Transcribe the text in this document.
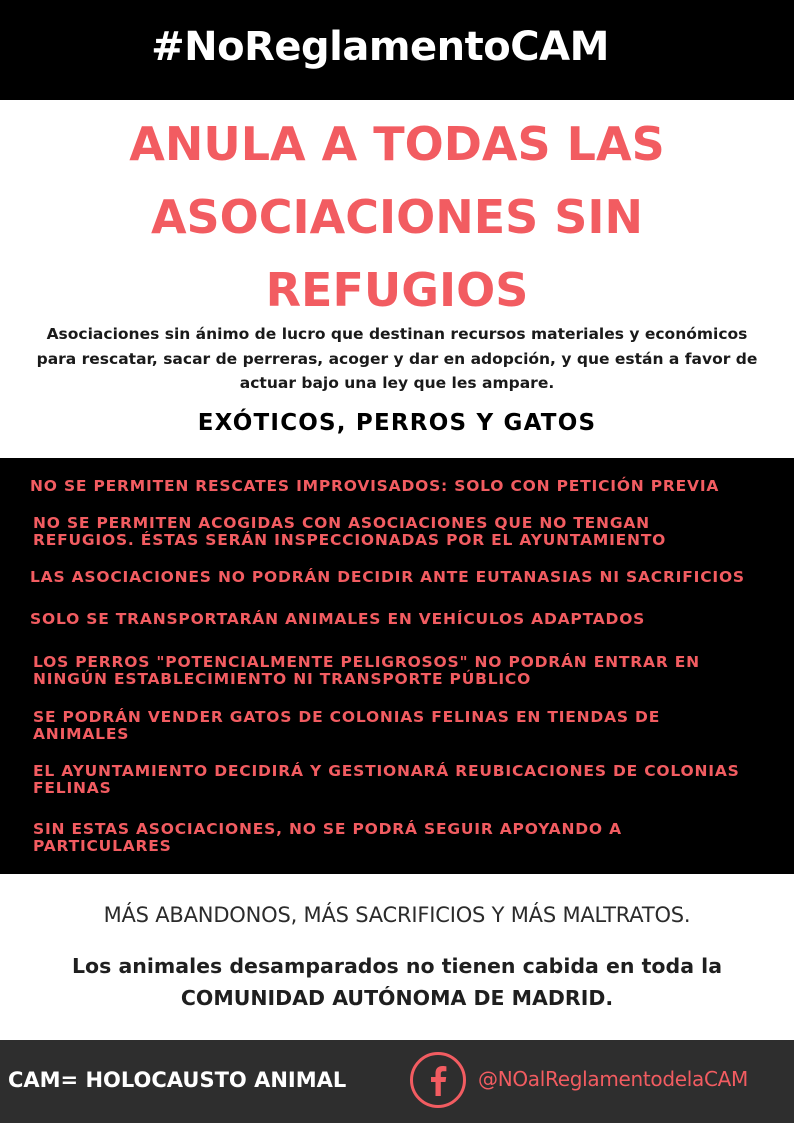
#NoReglamentoCAM
ANULA A TODAS LAS
ASOCIACIONES SIN
REFUGIOS
Asociaciones sin ánimo de lucro que destinan recursos materiales y económicos
para rescatar, sacar de perreras, acoger y dar en adopción, y que están a favor de
actuar bajo una ley que les ampare.
EXÓTICOS, PERROS Y GATOS
NO SE PERMITEN RESCATES IMPROVISADOS: SOLO CON PETICIÓN PREVIA
NO SE PERMITEN ACOGIDAS CON ASOCIACIONES QUE NO TENGAN
REFUGIOS. ÉSTAS SERÁN INSPECCIONADAS POR EL AYUNTAMIENTO
LAS ASOCIACIONES NO PODRÁN DECIDIR ANTE EUTANASIAS NI SACRIFICIOS
SOLO SE TRANSPORTARÁN ANIMALES EN VEHÍCULOS ADAPTADOS
LOS PERROS "POTENCIALMENTE PELIGROSOS" NO PODRÁN ENTRAR EN
NINGÚN ESTABLECIMIENTO NI TRANSPORTE PÚBLICO
SE PODRÁN VENDER GATOS DE COLONIAS FELINAS EN TIENDAS DE
ANIMALES
EL AYUNTAMIENTO DECIDIRÁ Y GESTIONARÁ REUBICACIONES DE COLONIAS
FELINAS
SIN ESTAS ASOCIACIONES, NO SE PODRÁ SEGUIR APOYANDO A
PARTICULARES
MÁS ABANDONOS, MÁS SACRIFICIOS Y MÁS MALTRATOS.
Los animales desamparados no tienen cabida en toda la
COMUNIDAD AUTÓNOMA DE MADRID.
CAM= HOLOCAUSTO ANIMAL	@NOalReglamentodelaCAM
